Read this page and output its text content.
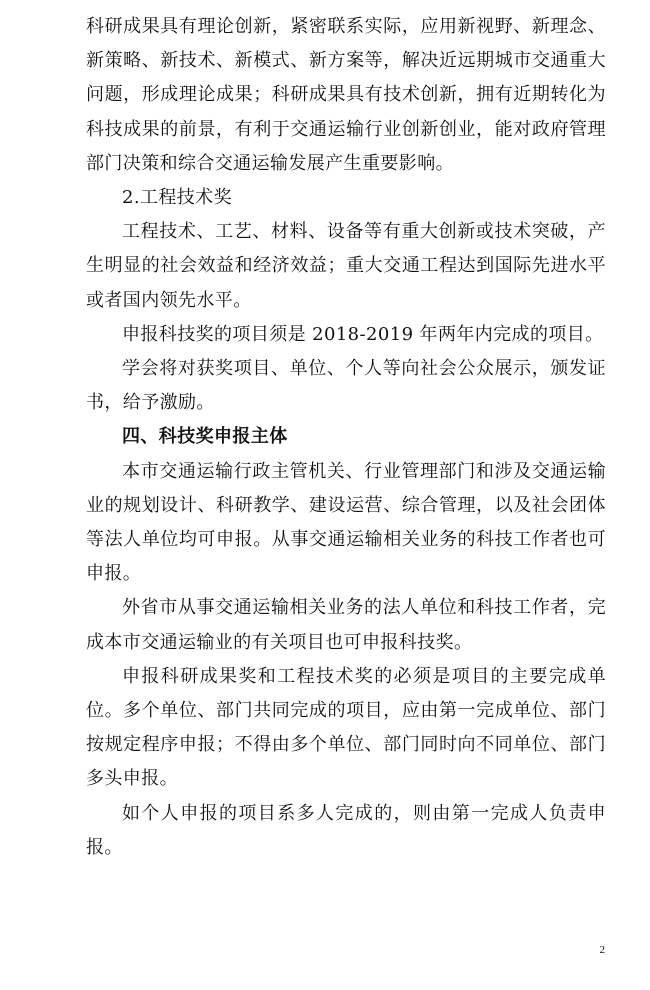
科研成果具有理论创新，紧密联系实际，应用新视野、新理念、新策略、新技术、新模式、新方案等，解决近远期城市交通重大问题，形成理论成果；科研成果具有技术创新，拥有近期转化为科技成果的前景，有利于交通运输行业创新创业，能对政府管理部门决策和综合交通运输发展产生重要影响。

2.工程技术奖

工程技术、工艺、材料、设备等有重大创新或技术突破，产生明显的社会效益和经济效益；重大交通工程达到国际先进水平或者国内领先水平。

申报科技奖的项目须是 2018-2019 年两年内完成的项目。

学会将对获奖项目、单位、个人等向社会公众展示，颁发证书，给予激励。

四、科技奖申报主体

本市交通运输行政主管机关、行业管理部门和涉及交通运输业的规划设计、科研教学、建设运营、综合管理，以及社会团体等法人单位均可申报。从事交通运输相关业务的科技工作者也可申报。

外省市从事交通运输相关业务的法人单位和科技工作者，完成本市交通运输业的有关项目也可申报科技奖。

申报科研成果奖和工程技术奖的必须是项目的主要完成单位。多个单位、部门共同完成的项目，应由第一完成单位、部门按规定程序申报；不得由多个单位、部门同时向不同单位、部门多头申报。

如个人申报的项目系多人完成的，则由第一完成人负责申报。

2
